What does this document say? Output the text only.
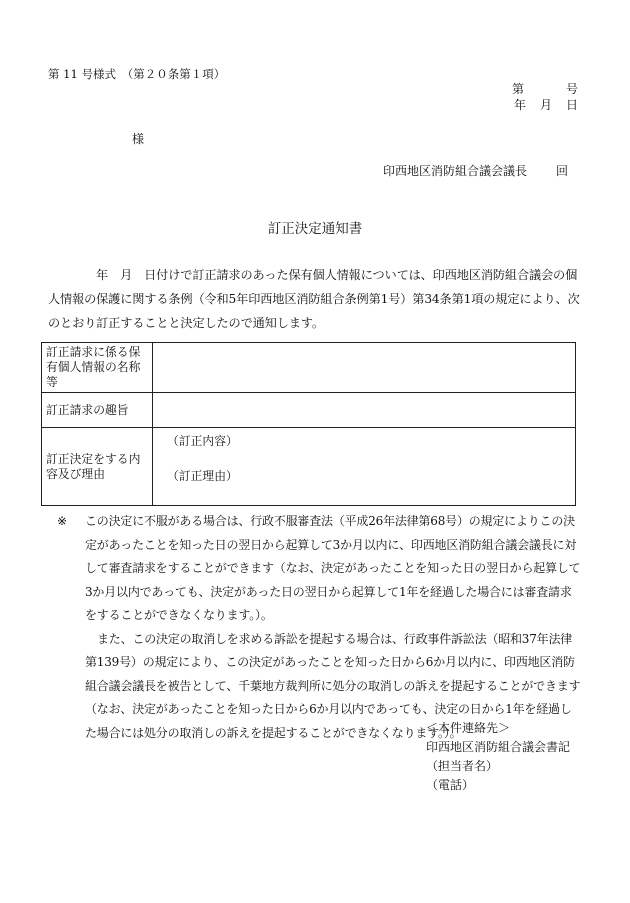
第 11 号様式　（第２０条第１項）
第	号
年 月 日
様
印西地区消防組合議会議長 回
訂正決定通知書
年　月　日付けで訂正請求のあった保有個人情報については、印西地区消防組合議会の個人情報の保護に関する条例（令和5年印西地区消防組合条例第1号）第34条第1項の規定により、次のとおり訂正することと決定したので通知します。
訂正請求に係る保有個人情報の名称等	
訂正請求の趣旨	
訂正決定をする内容及び理由	（訂正内容）
（訂正理由）
※	この決定に不服がある場合は、行政不服審査法（平成26年法律第68号）の規定によりこの決定があったことを知った日の翌日から起算して3か月以内に、印西地区消防組合議会議長に対して審査請求をすることができます（なお、決定があったことを知った日の翌日から起算して3か月以内であっても、決定があった日の翌日から起算して1年を経過した場合には審査請求をすることができなくなります。）。

また、この決定の取消しを求める訴訟を提起する場合は、行政事件訴訟法（昭和37年法律第139号）の規定により、この決定があったことを知った日から6か月以内に、印西地区消防組合議会議長を被告として、千葉地方裁判所に処分の取消しの訴えを提起することができます（なお、決定があったことを知った日から6か月以内であっても、決定の日から1年を経過した場合には処分の取消しの訴えを提起することができなくなります。）。

＜本件連絡先＞
印西地区消防組合議会書記
（担当者名）
（電話）
